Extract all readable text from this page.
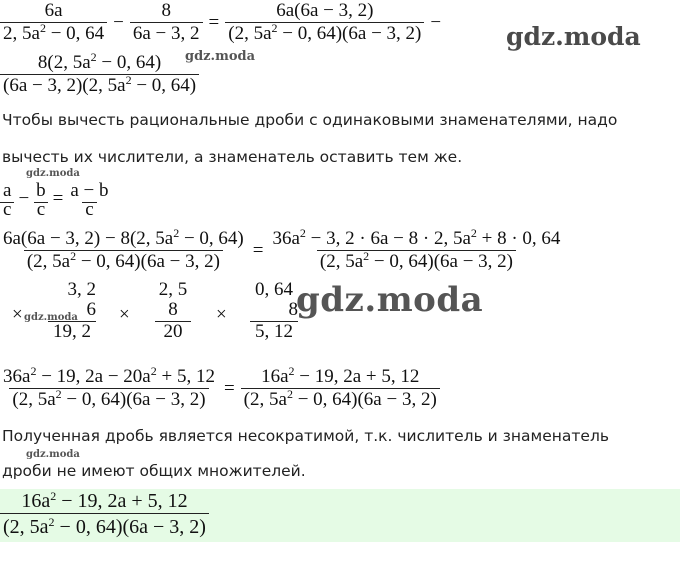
$\frac{6a}{2, 5a^2 - 0, 64} - \frac{8}{6a - 3, 2} = \frac{6a(6a - 3, 2)}{(2, 5a^2 - 0, 64)(6a - 3, 2)}$ −	gdz.moda
$\frac{8(2, 5a^2 - 0, 64)}{(6a - 3, 2)(2, 5a^2 - 0, 64)}$
gdz.moda
Чтобы вычесть рациональные дроби с одинаковыми знаменателями, надо
вычесть их числители, а знаменатель оставить тем же.
gdz.moda
$\frac{a}{c} - \frac{b}{c} = \frac{a - b}{c}$
$\frac{6a(6a - 3, 2) - 8(2, 5a^2 - 0, 64)}{(2, 5a^2 - 0, 64)(6a - 3, 2)} = \frac{36a^2 - 3, 2 \cdot 6a - 8 \cdot 2, 5a^2 + 8 \cdot 0, 64}{(2, 5a^2 - 0, 64)(6a - 3, 2)}$
3, 2
6
19, 2
×	×
2, 5
8
20
×
0, 64
8
5, 12
gdz.moda	gdz.moda
$\frac{36a^2 - 19, 2a - 20a^2 + 5, 12}{(2, 5a^2 - 0, 64)(6a - 3, 2)} = \frac{16a^2 - 19, 2a + 5, 12}{(2, 5a^2 - 0, 64)(6a - 3, 2)}$
Полученная дробь является несократимой, т.к. числитель и знаменатель
gdz.moda
дроби не имеют общих множителей.
$\frac{16a^2 - 19, 2a + 5, 12}{(2, 5a^2 - 0, 64)(6a - 3, 2)}$
